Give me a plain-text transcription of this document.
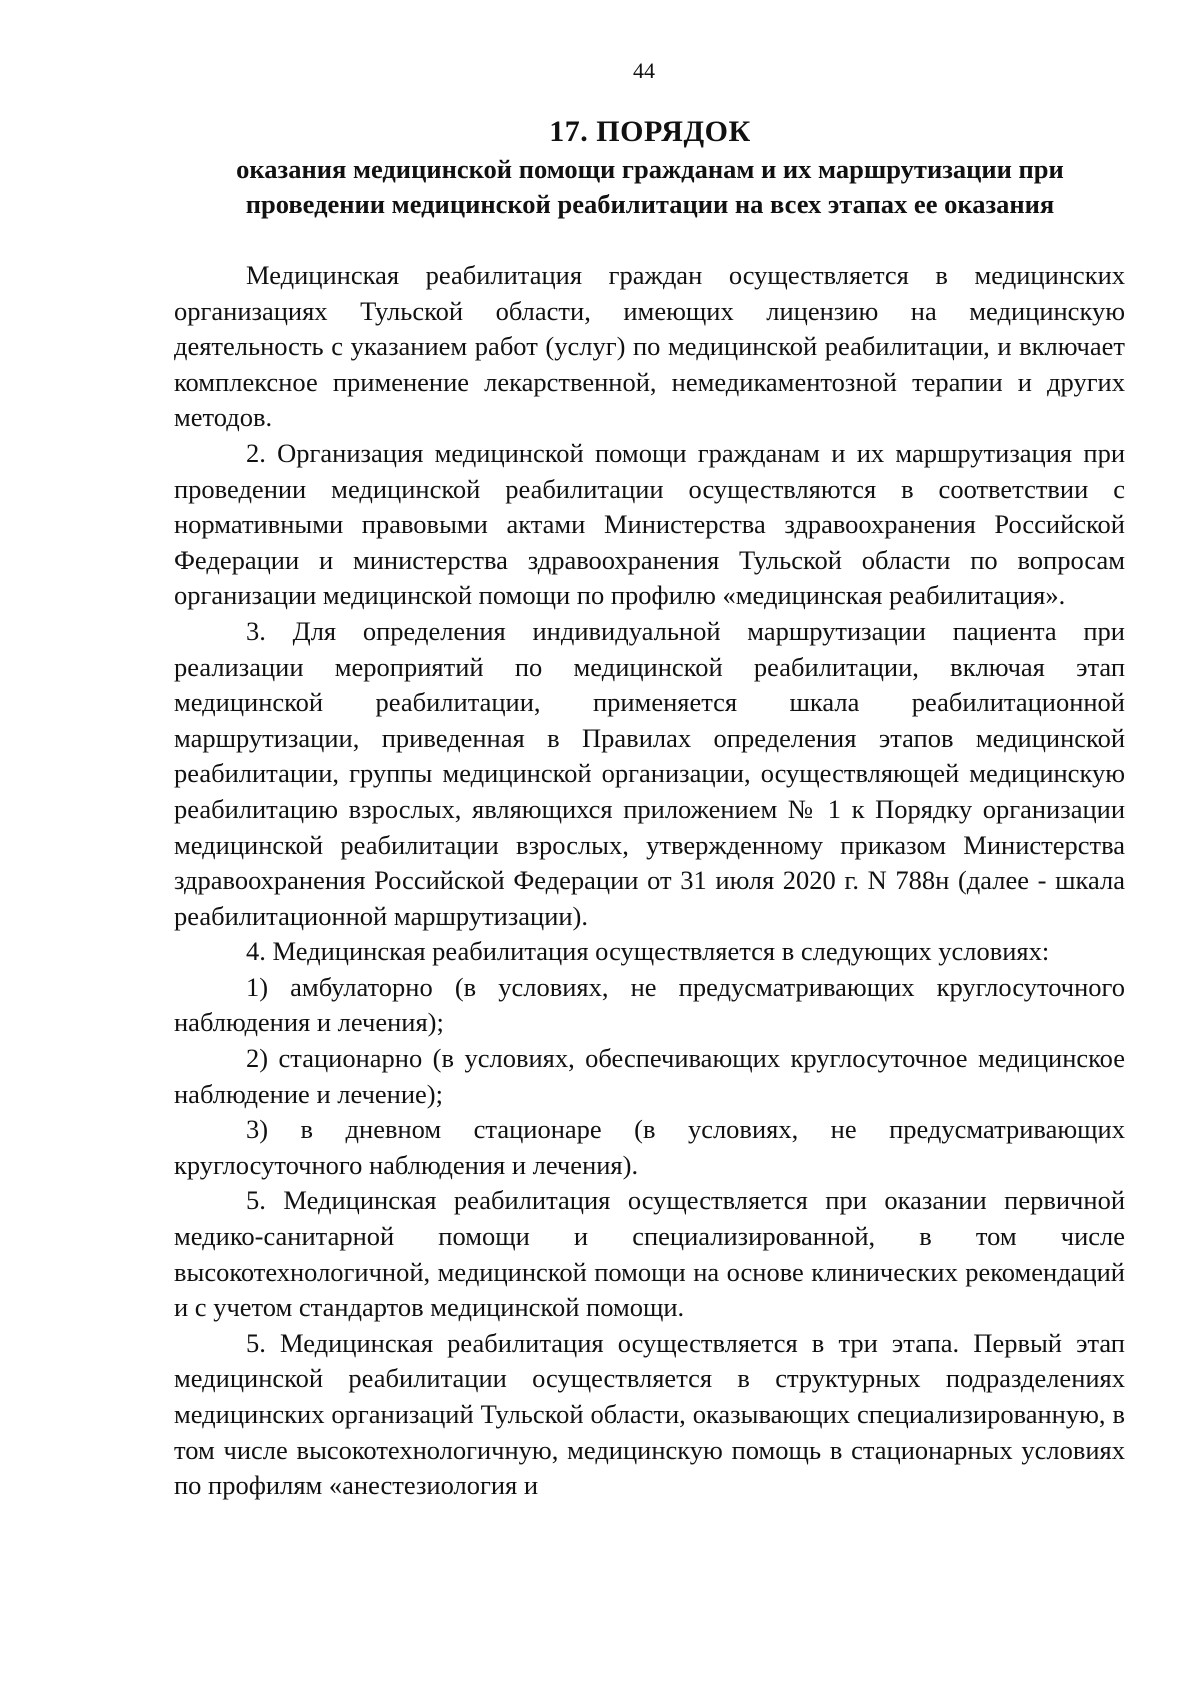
44
17. ПОРЯДОК
оказания медицинской помощи гражданам и их маршрутизации при
проведении медицинской реабилитации на всех этапах ее оказания

Медицинская реабилитация граждан осуществляется в медицинских организациях Тульской области, имеющих лицензию на медицинскую деятельность с указанием работ (услуг) по медицинской реабилитации, и включает комплексное применение лекарственной, немедикаментозной терапии и других методов.

2. Организация медицинской помощи гражданам и их маршрутизация при проведении медицинской реабилитации осуществляются в соответствии с нормативными правовыми актами Министерства здравоохранения Российской Федерации и министерства здравоохранения Тульской области по вопросам организации медицинской помощи по профилю «медицинская реабилитация».

3. Для определения индивидуальной маршрутизации пациента при реализации мероприятий по медицинской реабилитации, включая этап медицинской реабилитации, применяется шкала реабилитационной маршрутизации, приведенная в Правилах определения этапов медицинской реабилитации, группы медицинской организации, осуществляющей медицинскую реабилитацию взрослых, являющихся приложением № 1 к Порядку организации медицинской реабилитации взрослых, утвержденному приказом Министерства здравоохранения Российской Федерации от 31 июля 2020 г. N 788н (далее - шкала реабилитационной маршрутизации).

4. Медицинская реабилитация осуществляется в следующих условиях:

1) амбулаторно (в условиях, не предусматривающих круглосуточного наблюдения и лечения);

2) стационарно (в условиях, обеспечивающих круглосуточное медицинское наблюдение и лечение);

3) в дневном стационаре (в условиях, не предусматривающих круглосуточного наблюдения и лечения).

5. Медицинская реабилитация осуществляется при оказании первичной медико-санитарной помощи и специализированной, в том числе высокотехнологичной, медицинской помощи на основе клинических рекомендаций и с учетом стандартов медицинской помощи.

5. Медицинская реабилитация осуществляется в три этапа. Первый этап медицинской реабилитации осуществляется в структурных подразделениях медицинских организаций Тульской области, оказывающих специализированную, в том числе высокотехнологичную, медицинскую помощь в стационарных условиях по профилям «анестезиология и
